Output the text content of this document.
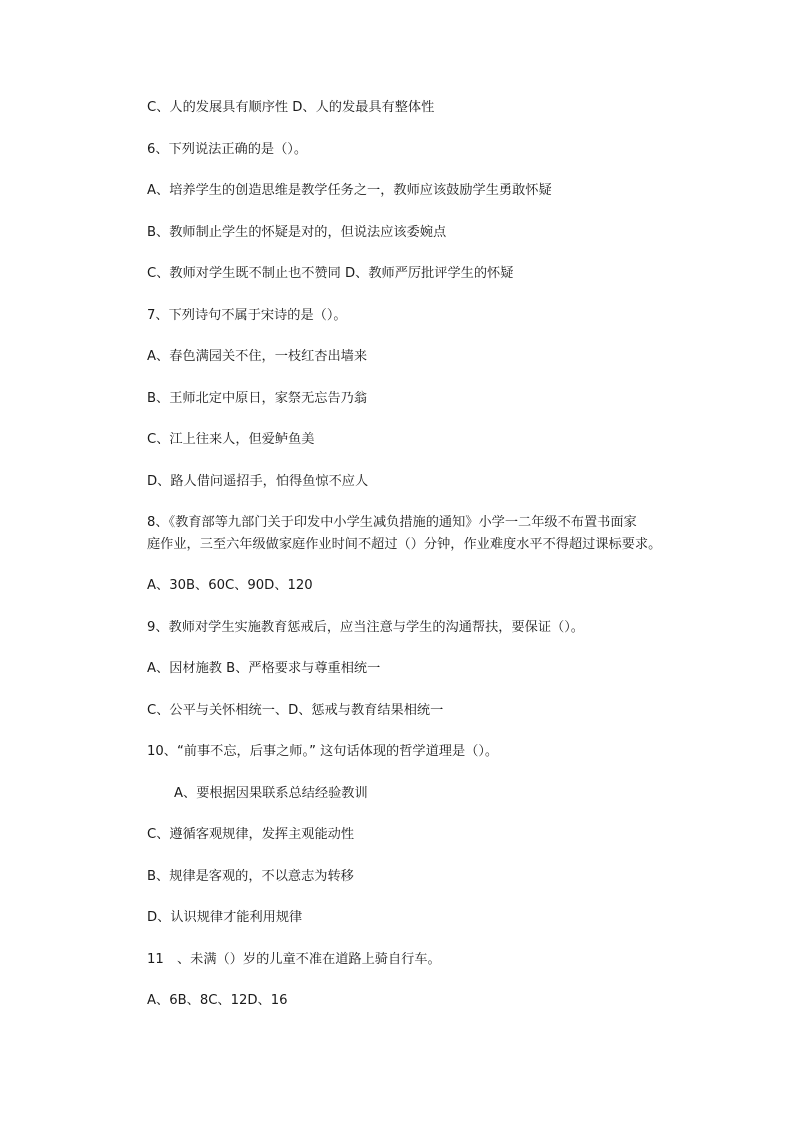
C、人的发展具有顺序性 D、人的发最具有整体性
6、下列说法正确的是（）。
A、培养学生的创造思维是教学任务之一，教师应该鼓励学生勇敢怀疑
B、教师制止学生的怀疑是对的，但说法应该委婉点
C、教师对学生既不制止也不赞同 D、教师严厉批评学生的怀疑
7、下列诗句不属于宋诗的是（）。
A、春色满园关不住，一枝红杏出墙来
B、王师北定中原日，家祭无忘告乃翁
C、江上往来人，但爱鲈鱼美
D、路人借问遥招手，怕得鱼惊不应人
8、《教育部等九部门关于印发中小学生减负措施的通知》小学一二年级不布置书面家
庭作业，三至六年级做家庭作业时间不超过（）分钟，作业难度水平不得超过课标要求。
A、30B、60C、90D、120
9、教师对学生实施教育惩戒后，应当注意与学生的沟通帮扶，要保证（）。
A、因材施教 B、严格要求与尊重相统一
C、公平与关怀相统一、D、惩戒与教育结果相统一
10、“前事不忘，后事之师。” 这句话体现的哲学道理是（）。
A、要根据因果联系总结经验教训
C、遵循客观规律，发挥主观能动性
B、规律是客观的，不以意志为转移
D、认识规律才能利用规律
11　、未满（）岁的儿童不准在道路上骑自行车。
A、6B、8C、12D、16
